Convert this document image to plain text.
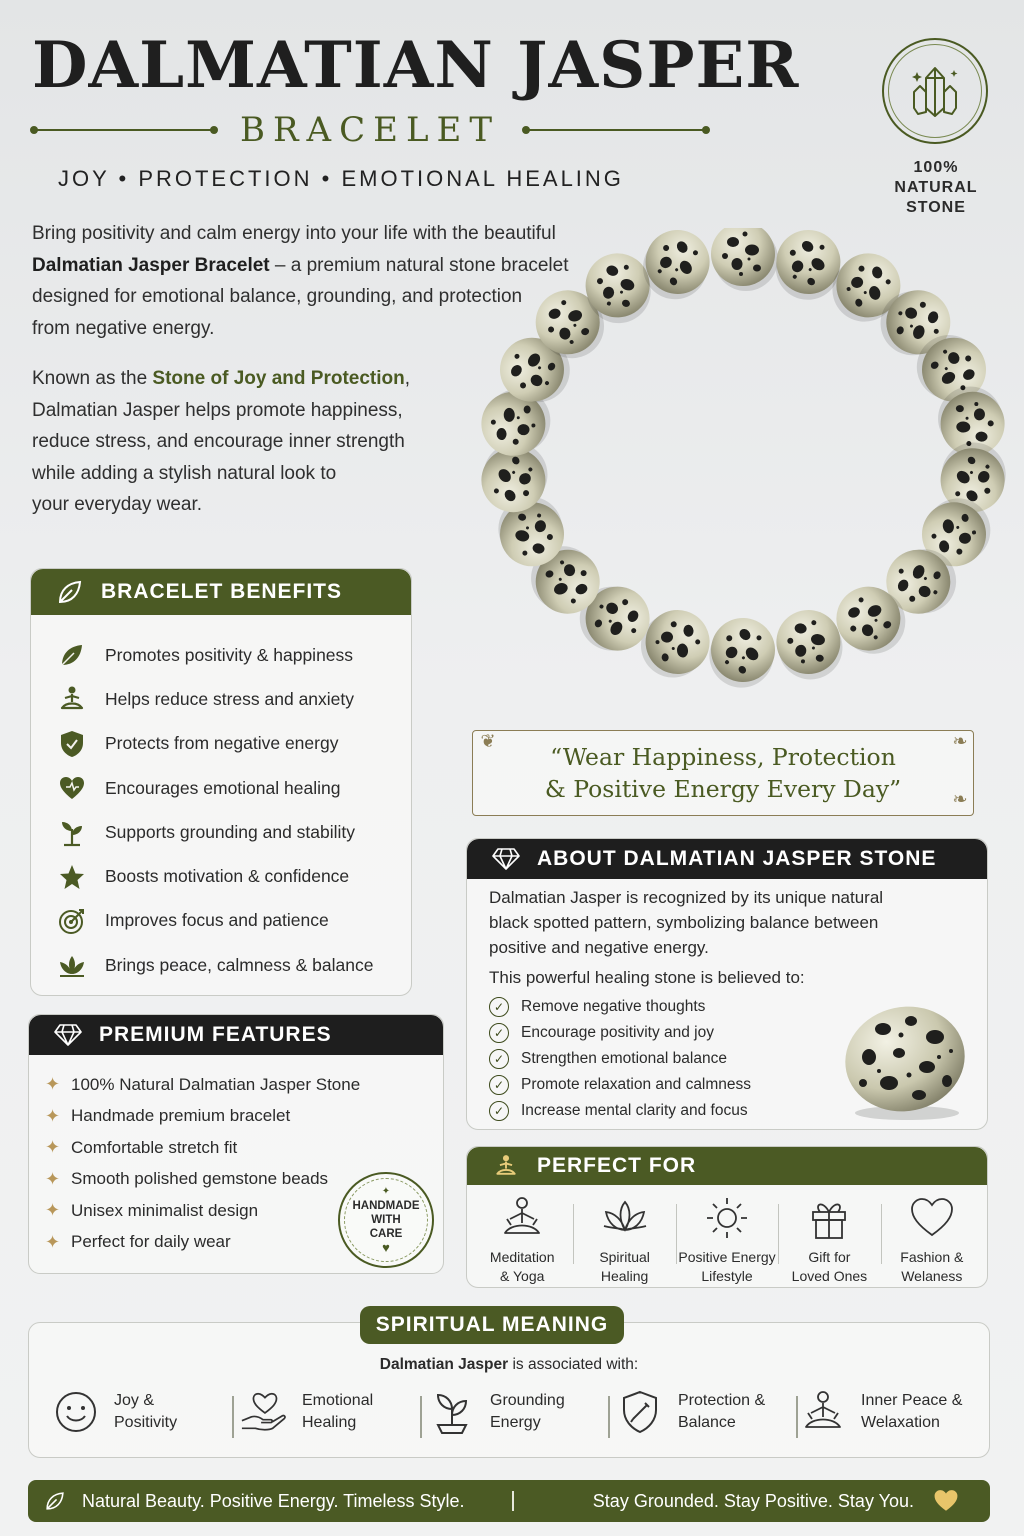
DALMATIAN JASPER
BRACELET
JOY • PROTECTION • EMOTIONAL HEALING	100%
NATURAL
STONE
Bring positivity and calm energy into your life with the beautiful
Dalmatian Jasper Bracelet – a premium natural stone bracelet
designed for emotional balance, grounding, and protection
from negative energy.
Known as the Stone of Joy and Protection,
Dalmatian Jasper helps promote happiness,
reduce stress, and encourage inner strength
while adding a stylish natural look to
your everyday wear.
BRACELET BENEFITS
Promotes positivity & happiness
Helps reduce stress and anxiety
Protects from negative energy
Encourages emotional healing
Supports grounding and stability
Boosts motivation & confidence
Improves focus and patience
Brings peace, calmness & balance
PREMIUM FEATURES
✦ 100% Natural Dalmatian Jasper Stone
✦ Handmade premium bracelet
✦ Comfortable stretch fit
✦ Smooth polished gemstone beads
✦ Unisex minimalist design
✦ Perfect for daily wear
✦
HANDMADE
WITH
CARE
♥
❦	❧
❧
“Wear Happiness, Protection
& Positive Energy Every Day”
ABOUT DALMATIAN JASPER STONE
Dalmatian Jasper is recognized by its unique natural
black spotted pattern, symbolizing balance between
positive and negative energy.
This powerful healing stone is believed to:
✓	Remove negative thoughts
✓	Encourage positivity and joy
✓	Strengthen emotional balance
✓	Promote relaxation and calmness
✓	Increase mental clarity and focus
PERFECT FOR
Meditation
& Yoga
Spiritual
Healing
Positive Energy
Lifestyle
Gift for
Loved Ones
Fashion &
Welaness
SPIRITUAL MEANING
Dalmatian Jasper is associated with:
Joy &
Positivity
Emotional
Healing
Grounding
Energy
Protection &
Balance
Inner Peace &
Welaxation
Natural Beauty. Positive Energy. Timeless Style.	Stay Grounded. Stay Positive. Stay You.
